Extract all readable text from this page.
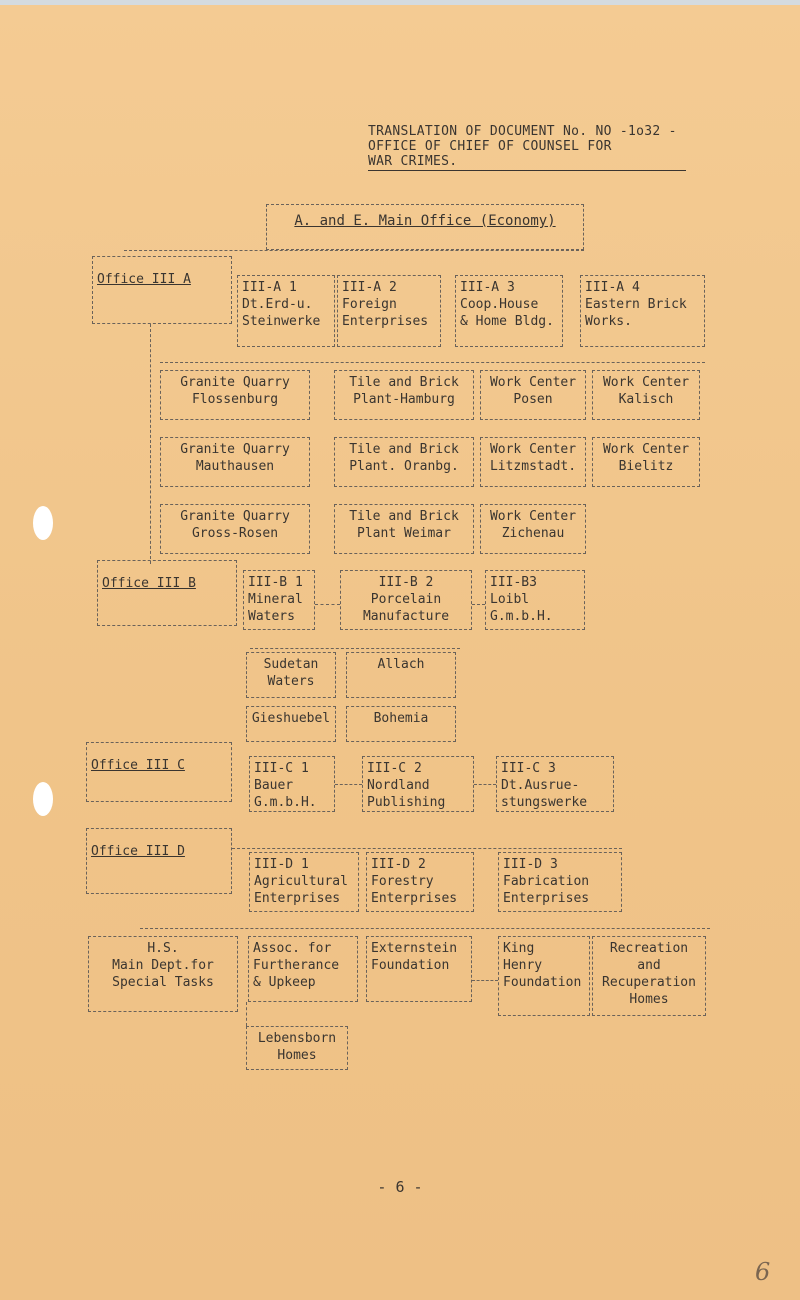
TRANSLATION OF DOCUMENT No. NO -1o32 -
OFFICE OF CHIEF OF COUNSEL FOR
WAR CRIMES.
A. and E. Main Office (Economy)
Office III A
III-A 1
Dt.Erd-u.
Steinwerke
III-A 2
Foreign
Enterprises
III-A 3
Coop.House
& Home Bldg.
III-A 4
Eastern Brick
Works.
Granite Quarry
Flossenburg
Granite Quarry
Mauthausen
Granite Quarry
Gross-Rosen
Tile and Brick
Plant-Hamburg
Tile and Brick
Plant. Oranbg.
Tile and Brick
Plant Weimar
Work Center
Posen
Work Center
Litzmstadt.
Work Center
Zichenau
Work Center
Kalisch
Work Center
Bielitz
Office III B	III-B 1
Mineral
Waters
III-B 2
Porcelain
Manufacture
III-B3
Loibl
G.m.b.H.
Sudetan
Waters
Allach
Gieshuebel	Bohemia
Office III C	III-C 1
Bauer
G.m.b.H.
III-C 2
Nordland
Publishing
III-C 3
Dt.Ausrue-
stungswerke
Office III D
III-D 1
Agricultural
Enterprises
III-D 2
Forestry
Enterprises
III-D 3
Fabrication
Enterprises
H.S.
Main Dept.for
Special Tasks
Assoc. for
Furtherance
& Upkeep
Externstein
Foundation
King
Henry
Foundation
Recreation
and
Recuperation
Homes
Lebensborn
Homes
- 6 -
6
